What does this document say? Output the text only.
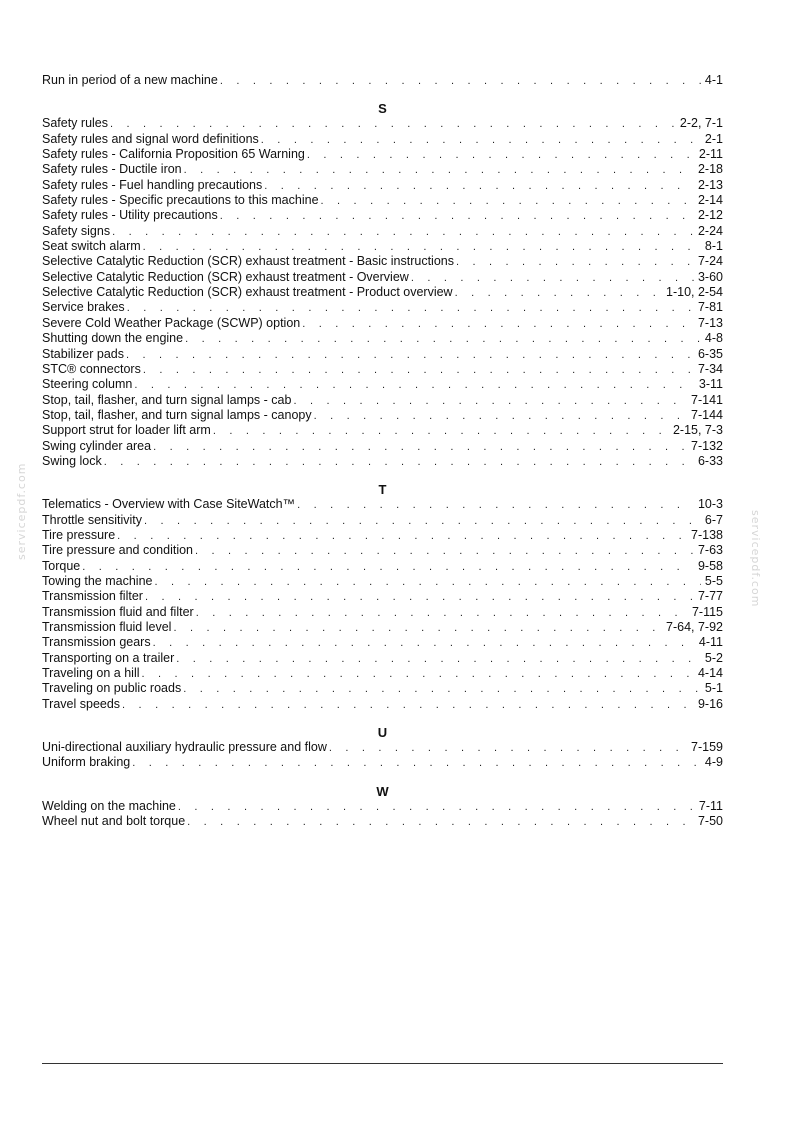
servicepdf.com	servicepdf.com
Run in period of a new machine . . .	4-1
S
Safety rules . . .	2-2, 7-1
Safety rules and signal word definitions . . .	2-1
Safety rules - California Proposition 65 Warning . . .	2-11
Safety rules - Ductile iron . . .	2-18
Safety rules - Fuel handling precautions . . .	2-13
Safety rules - Specific precautions to this machine . . .	2-14
Safety rules - Utility precautions . . .	2-12
Safety signs . . .	2-24
Seat switch alarm . . .	8-1
Selective Catalytic Reduction (SCR) exhaust treatment - Basic instructions . . .	7-24
Selective Catalytic Reduction (SCR) exhaust treatment - Overview . . .	3-60
Selective Catalytic Reduction (SCR) exhaust treatment - Product overview . . .	1-10, 2-54
Service brakes . . .	7-81
Severe Cold Weather Package (SCWP) option . . .	7-13
Shutting down the engine . . .	4-8
Stabilizer pads . . .	6-35
STC® connectors . . .	7-34
Steering column . . .	3-11
Stop, tail, flasher, and turn signal lamps - cab . . .	7-141
Stop, tail, flasher, and turn signal lamps - canopy . . .	7-144
Support strut for loader lift arm . . .	2-15, 7-3
Swing cylinder area . . .	7-132
Swing lock . . .	6-33
T
Telematics - Overview with Case SiteWatch™ . . .	10-3
Throttle sensitivity . . .	6-7
Tire pressure . . .	7-138
Tire pressure and condition . . .	7-63
Torque . . .	9-58
Towing the machine . . .	5-5
Transmission filter . . .	7-77
Transmission fluid and filter . . .	7-115
Transmission fluid level . . .	7-64, 7-92
Transmission gears . . .	4-11
Transporting on a trailer . . .	5-2
Traveling on a hill . . .	4-14
Traveling on public roads . . .	5-1
Travel speeds . . .	9-16
U
Uni-directional auxiliary hydraulic pressure and flow . . .	7-159
Uniform braking . . .	4-9
W
Welding on the machine . . .	7-11
Wheel nut and bolt torque . . .	7-50
